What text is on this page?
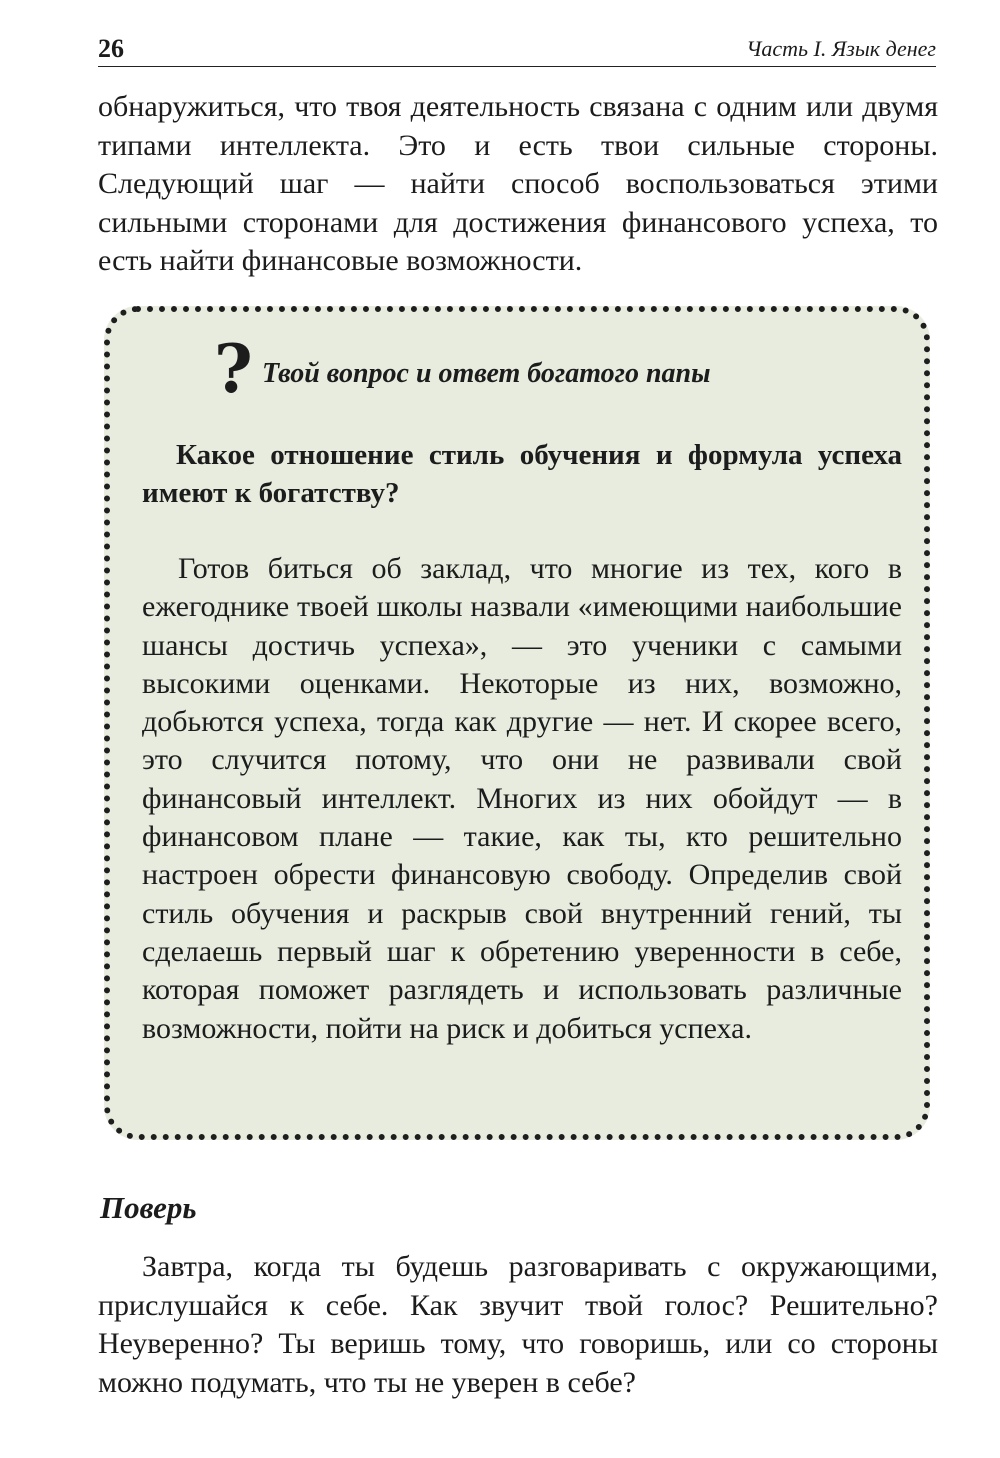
26	Часть I. Язык денег

обнаружиться, что твоя деятельность связана с одним или двумя типами интеллекта. Это и есть твои сильные стороны. Следующий шаг — найти способ воспользоваться этими сильными сторонами для достижения финансового успеха, то есть найти финансовые возможности.

? Твой вопрос и ответ богатого папы

Какое отношение стиль обучения и формула успеха имеют к богатству?

Готов биться об заклад, что многие из тех, кого в ежегоднике твоей школы назвали «имеющими наибольшие шансы достичь успеха», — это ученики с самыми высокими оценками. Некоторые из них, возможно, добьются успеха, тогда как другие — нет. И скорее всего, это случится потому, что они не развивали свой финансовый интеллект. Многих из них обойдут — в финансовом плане — такие, как ты, кто решительно настроен обрести финансовую свободу. Определив свой стиль обучения и раскрыв свой внутренний гений, ты сделаешь первый шаг к обретению уверенности в себе, которая поможет разглядеть и использовать различные возможности, пойти на риск и добиться успеха.

Поверь

Завтра, когда ты будешь разговаривать с окружающими, прислушайся к себе. Как звучит твой голос? Решительно? Неуверенно? Ты веришь тому, что говоришь, или со стороны можно подумать, что ты не уверен в себе?
